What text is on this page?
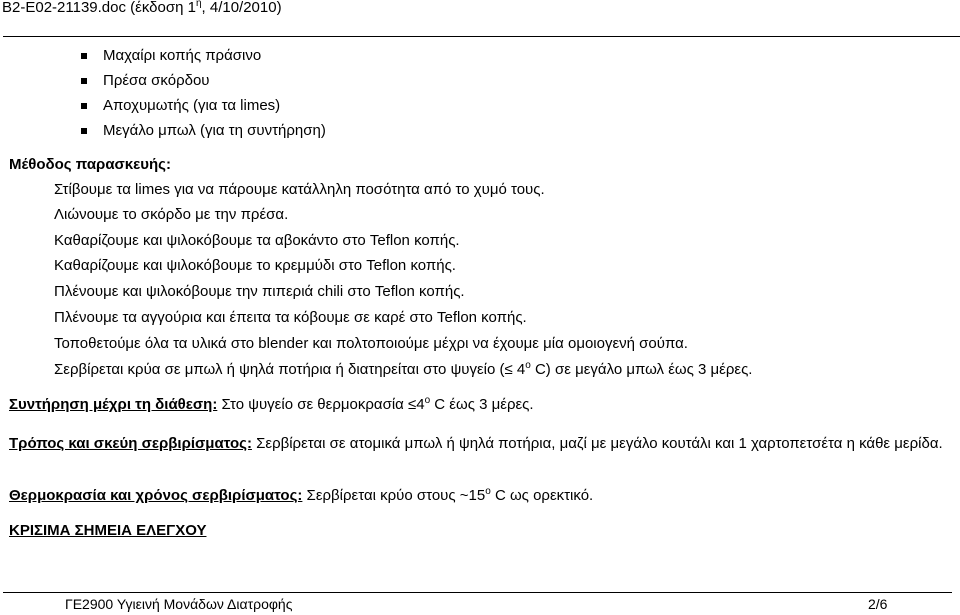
B2-E02-21139.doc (έκδοση $1^\eta$, 4/10/2010)
Μαχαίρι κοπής πράσινο
Πρέσα σκόρδου
Αποχυμωτής (για τα limes)
Μεγάλο μπωλ (για τη συντήρηση)
Μέθοδος παρασκευής:
Στίβουμε τα limes για να πάρουμε κατάλληλη ποσότητα από το χυμό τους.
Λιώνουμε το σκόρδο με την πρέσα.
Καθαρίζουμε και ψιλοκόβουμε τα αβοκάντο στο Teflon κοπής.
Καθαρίζουμε και ψιλοκόβουμε το κρεμμύδι στο Teflon κοπής.
Πλένουμε και ψιλοκόβουμε την πιπεριά chili στο Teflon κοπής.
Πλένουμε τα αγγούρια και έπειτα τα κόβουμε σε καρέ στο Teflon κοπής.
Τοποθετούμε όλα τα υλικά στο blender και πολτοποιούμε μέχρι να έχουμε μία ομοιογενή σούπα.
Σερβίρεται κρύα σε μπωλ ή ψηλά ποτήρια ή διατηρείται στο ψυγείο (≤ $4^o$ C) σε μεγάλο μπωλ έως 3 μέρες.
Συντήρηση μέχρι τη διάθεση: Στο ψυγείο σε $\theta\varepsilon\rho\mu o\kappa\rho\alpha\sigma ί\alpha \le 4^o$ C έως 3 μέρες.
Τρόπος και σκεύη σερβιρίσματος: Σερβίρεται σε ατομικά μπωλ ή ψηλά ποτήρια, μαζί με μεγάλο κουτάλι και 1 χαρτοπετσέτα η κάθε μερίδα.
Θερμοκρασία και χρόνος σερβιρίσματος: Σερβίρεται κρύο στους $\sim 15^o$ C ως ορεκτικό.
ΚΡΙΣΙΜΑ ΣΗΜΕΙΑ ΕΛΕΓΧΟΥ
ΓΕ2900 Υγιεινή Μονάδων Διατροφής	2/6
